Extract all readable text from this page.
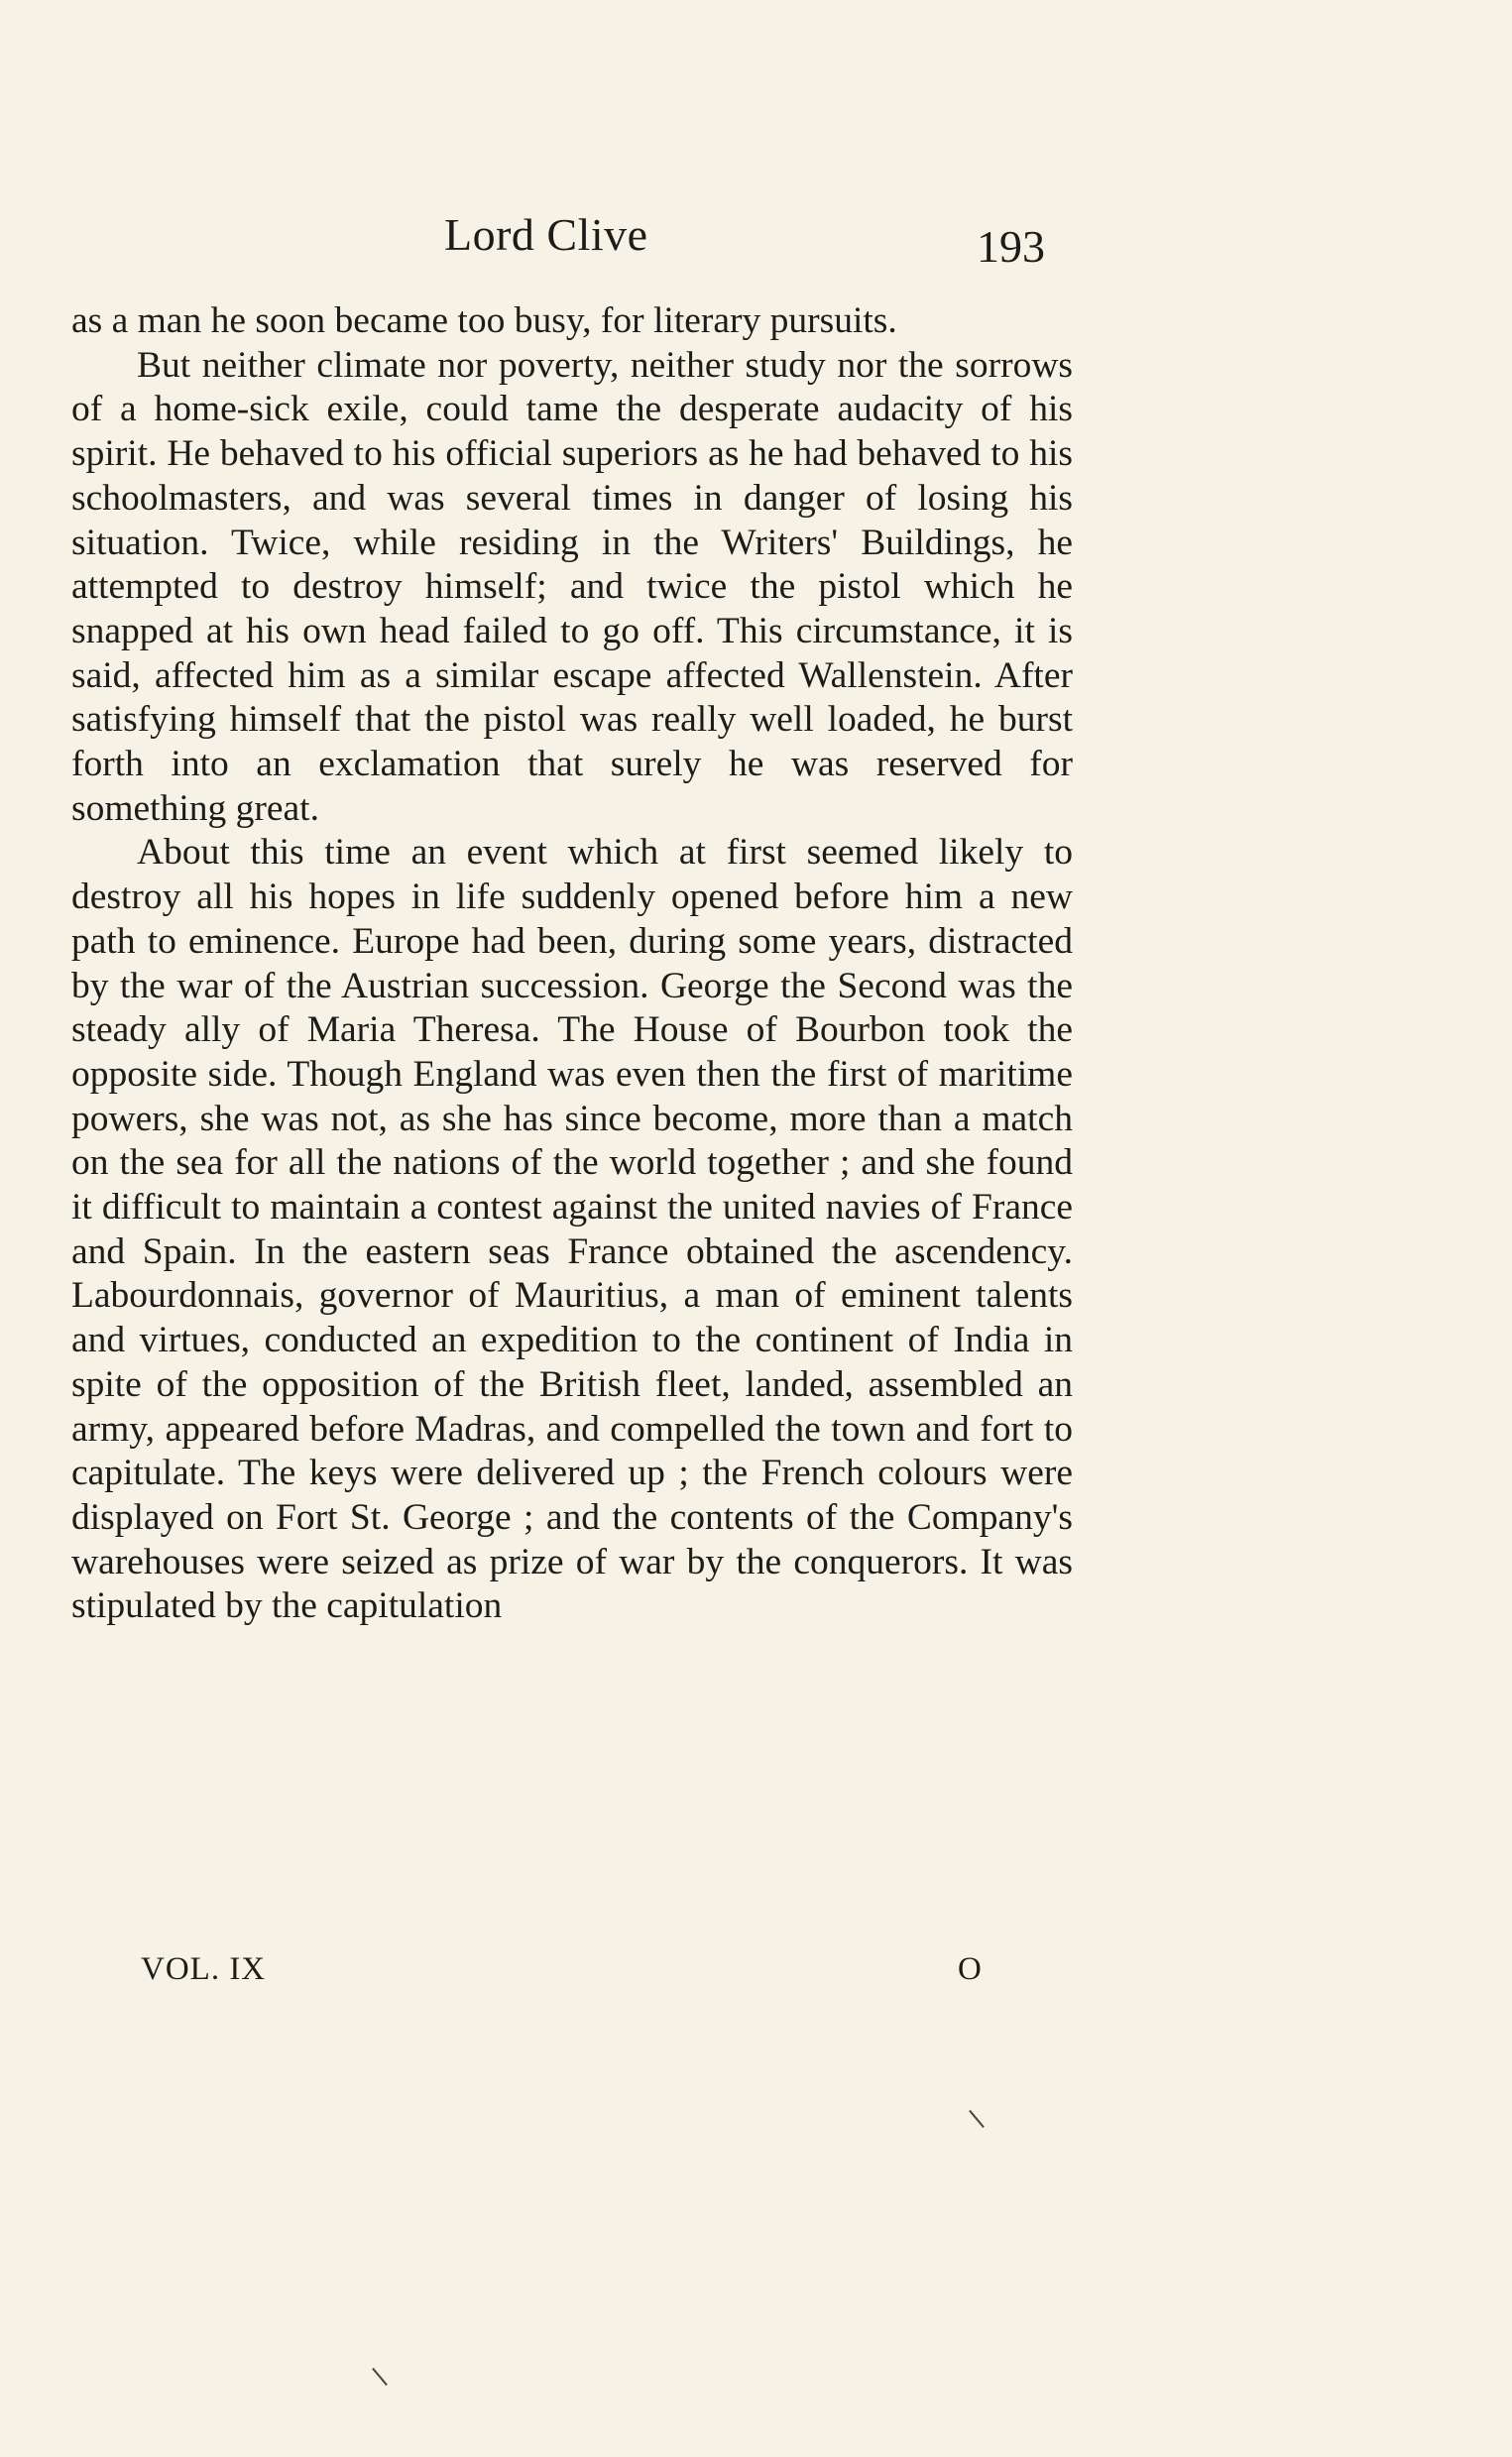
Lord Clive	193

as a man he soon became too busy, for literary pursuits.

But neither climate nor poverty, neither study nor the sorrows of a home-sick exile, could tame the desperate audacity of his spirit. He behaved to his official superiors as he had behaved to his schoolmasters, and was several times in danger of losing his situation. Twice, while residing in the Writers' Buildings, he attempted to destroy himself; and twice the pistol which he snapped at his own head failed to go off. This circumstance, it is said, affected him as a similar escape affected Wallenstein. After satisfying himself that the pistol was really well loaded, he burst forth into an exclamation that surely he was reserved for something great.

About this time an event which at first seemed likely to destroy all his hopes in life suddenly opened before him a new path to eminence. Europe had been, during some years, distracted by the war of the Austrian succession. George the Second was the steady ally of Maria Theresa. The House of Bourbon took the opposite side. Though England was even then the first of maritime powers, she was not, as she has since become, more than a match on the sea for all the nations of the world together ; and she found it difficult to maintain a contest against the united navies of France and Spain. In the eastern seas France obtained the ascendency. Labourdonnais, governor of Mauritius, a man of eminent talents and virtues, conducted an expedition to the continent of India in spite of the opposition of the British fleet, landed, assembled an army, appeared before Madras, and compelled the town and fort to capitulate. The keys were delivered up ; the French colours were displayed on Fort St. George ; and the contents of the Company's warehouses were seized as prize of war by the conquerors. It was stipulated by the capitulation

VOL. IX	O
